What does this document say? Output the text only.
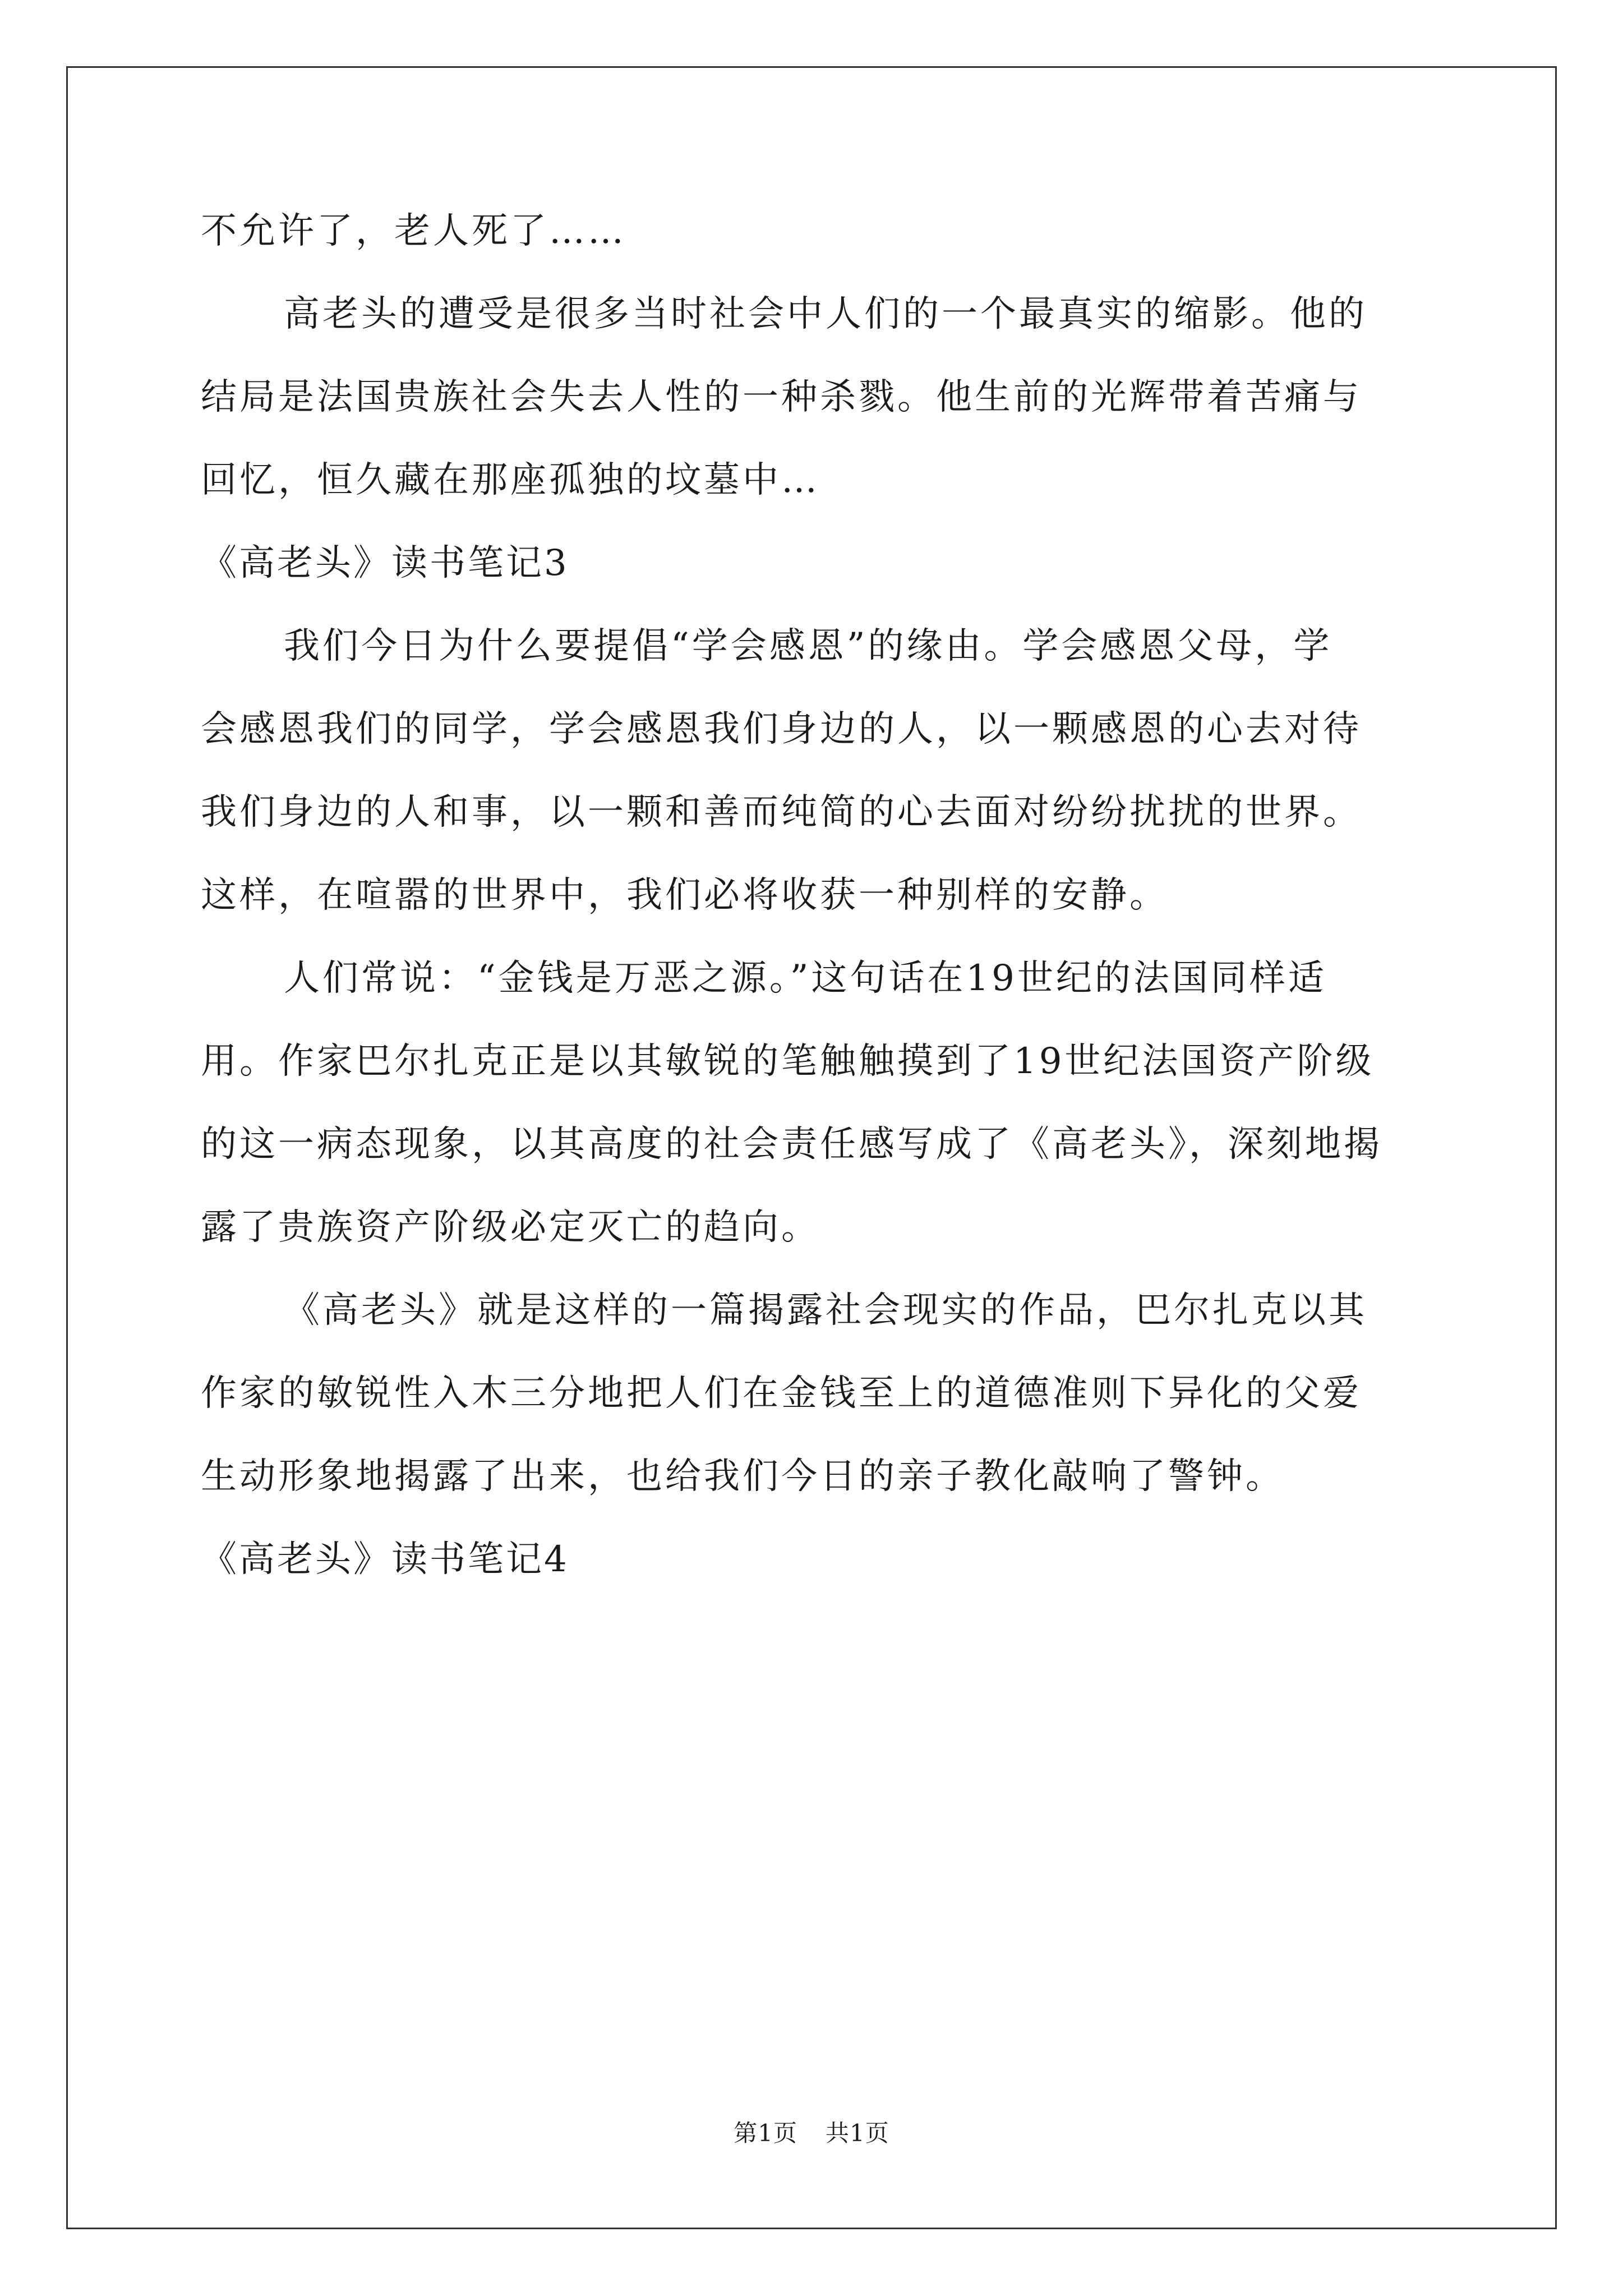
不允许了，老人死了……
高老头的遭受是很多当时社会中人们的一个最真实的缩影。他的
结局是法国贵族社会失去人性的一种杀戮。他生前的光辉带着苦痛与
回忆，恒久藏在那座孤独的坟墓中…
《高老头》读书笔记3
我们今日为什么要提倡“学会感恩”的缘由。学会感恩父母，学
会感恩我们的同学，学会感恩我们身边的人，以一颗感恩的心去对待
我们身边的人和事，以一颗和善而纯简的心去面对纷纷扰扰的世界。
这样，在喧嚣的世界中，我们必将收获一种别样的安静。
人们常说：“金钱是万恶之源。”这句话在19世纪的法国同样适
用。作家巴尔扎克正是以其敏锐的笔触触摸到了19世纪法国资产阶级
的这一病态现象，以其高度的社会责任感写成了《高老头》，深刻地揭
露了贵族资产阶级必定灭亡的趋向。
《高老头》就是这样的一篇揭露社会现实的作品，巴尔扎克以其
作家的敏锐性入木三分地把人们在金钱至上的道德准则下异化的父爱
生动形象地揭露了出来，也给我们今日的亲子教化敲响了警钟。
《高老头》读书笔记4
第1页 共1页
